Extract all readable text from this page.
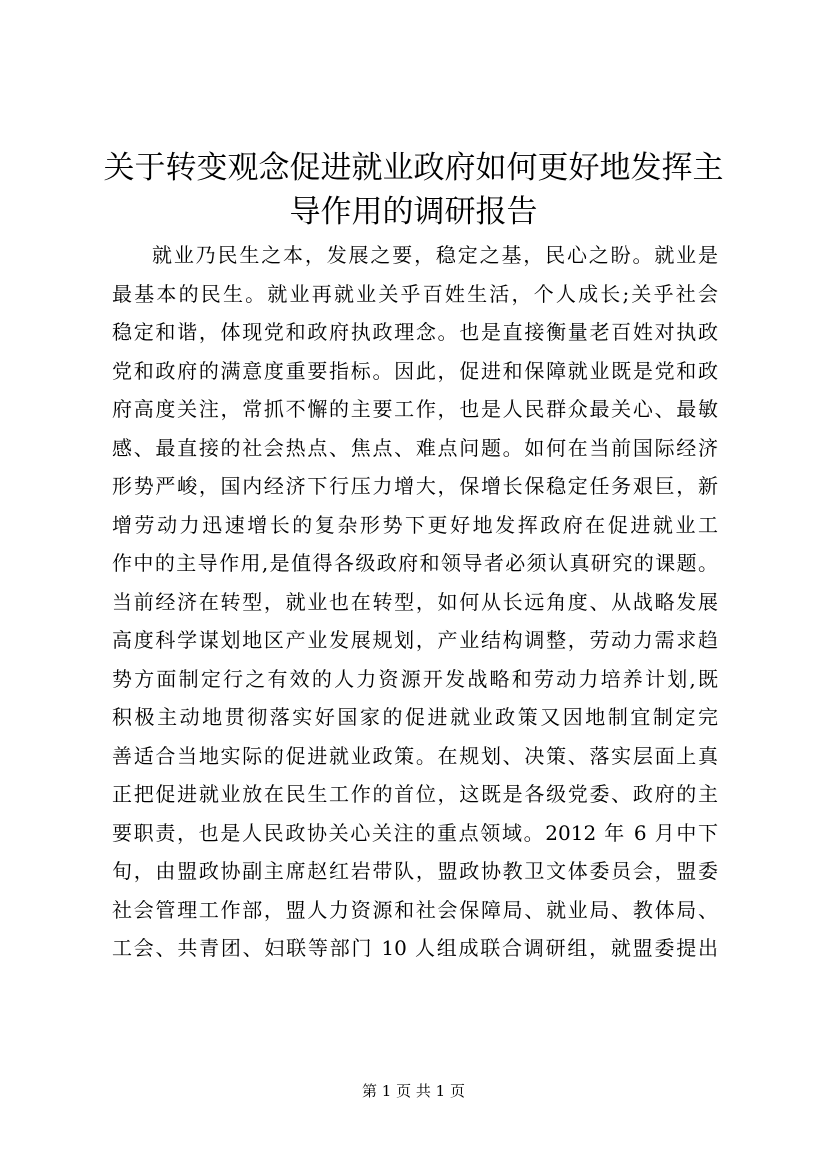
关于转变观念促进就业政府如何更好地发挥主
导作用的调研报告
就业乃民生之本，发展之要，稳定之基，民心之盼。就业是
最基本的民生。就业再就业关乎百姓生活，个人成长;关乎社会
稳定和谐，体现党和政府执政理念。也是直接衡量老百姓对执政
党和政府的满意度重要指标。因此，促进和保障就业既是党和政
府高度关注，常抓不懈的主要工作，也是人民群众最关心、最敏
感、最直接的社会热点、焦点、难点问题。如何在当前国际经济
形势严峻，国内经济下行压力增大，保增长保稳定任务艰巨，新
增劳动力迅速增长的复杂形势下更好地发挥政府在促进就业工
作中的主导作用,是值得各级政府和领导者必须认真研究的课题。
当前经济在转型，就业也在转型，如何从长远角度、从战略发展
高度科学谋划地区产业发展规划，产业结构调整，劳动力需求趋
势方面制定行之有效的人力资源开发战略和劳动力培养计划,既
积极主动地贯彻落实好国家的促进就业政策又因地制宜制定完
善适合当地实际的促进就业政策。在规划、决策、落实层面上真
正把促进就业放在民生工作的首位，这既是各级党委、政府的主
要职责，也是人民政协关心关注的重点领域。2012 年 6 月中下
旬，由盟政协副主席赵红岩带队，盟政协教卫文体委员会，盟委
社会管理工作部，盟人力资源和社会保障局、就业局、教体局、
工会、共青团、妇联等部门 10 人组成联合调研组，就盟委提出
第 1 页 共 1 页
